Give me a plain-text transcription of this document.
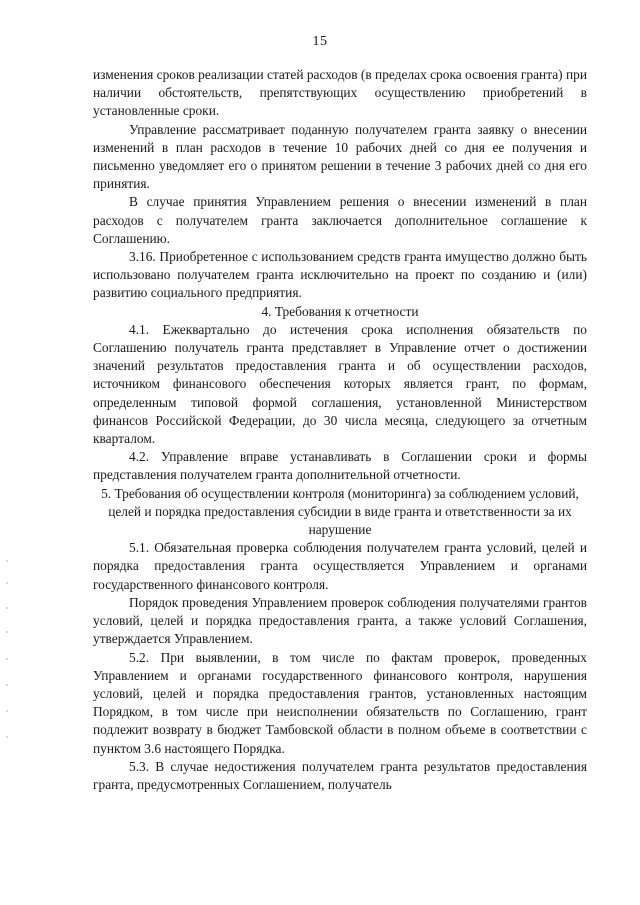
15

изменения сроков реализации статей расходов (в пределах срока освоения гранта) при наличии обстоятельств, препятствующих осуществлению приобретений в установленные сроки.

Управление рассматривает поданную получателем гранта заявку о внесении изменений в план расходов в течение 10 рабочих дней со дня ее получения и письменно уведомляет его о принятом решении в течение 3 рабочих дней со дня его принятия.

В случае принятия Управлением решения о внесении изменений в план расходов с получателем гранта заключается дополнительное соглашение к Соглашению.

3.16. Приобретенное с использованием средств гранта имущество должно быть использовано получателем гранта исключительно на проект по созданию и (или) развитию социального предприятия.

4. Требования к отчетности

4.1. Ежеквартально до истечения срока исполнения обязательств по Соглашению получатель гранта представляет в Управление отчет о достижении значений результатов предоставления гранта и об осуществлении расходов, источником финансового обеспечения которых является грант, по формам, определенным типовой формой соглашения, установленной Министерством финансов Российской Федерации, до 30 числа месяца, следующего за отчетным кварталом.

4.2. Управление вправе устанавливать в Соглашении сроки и формы представления получателем гранта дополнительной отчетности.

5. Требования об осуществлении контроля (мониторинга) за соблюдением условий, целей и порядка предоставления субсидии в виде гранта и ответственности за их нарушение

5.1. Обязательная проверка соблюдения получателем гранта условий, целей и порядка предоставления гранта осуществляется Управлением и органами государственного финансового контроля.

Порядок проведения Управлением проверок соблюдения получателями грантов условий, целей и порядка предоставления гранта, а также условий Соглашения, утверждается Управлением.

5.2. При выявлении, в том числе по фактам проверок, проведенных Управлением и органами государственного финансового контроля, нарушения условий, целей и порядка предоставления грантов, установленных настоящим Порядком, в том числе при неисполнении обязательств по Соглашению, грант подлежит возврату в бюджет Тамбовской области в полном объеме в соответствии с пунктом 3.6 настоящего Порядка.

5.3. В случае недостижения получателем гранта результатов предоставления гранта, предусмотренных Соглашением, получатель
